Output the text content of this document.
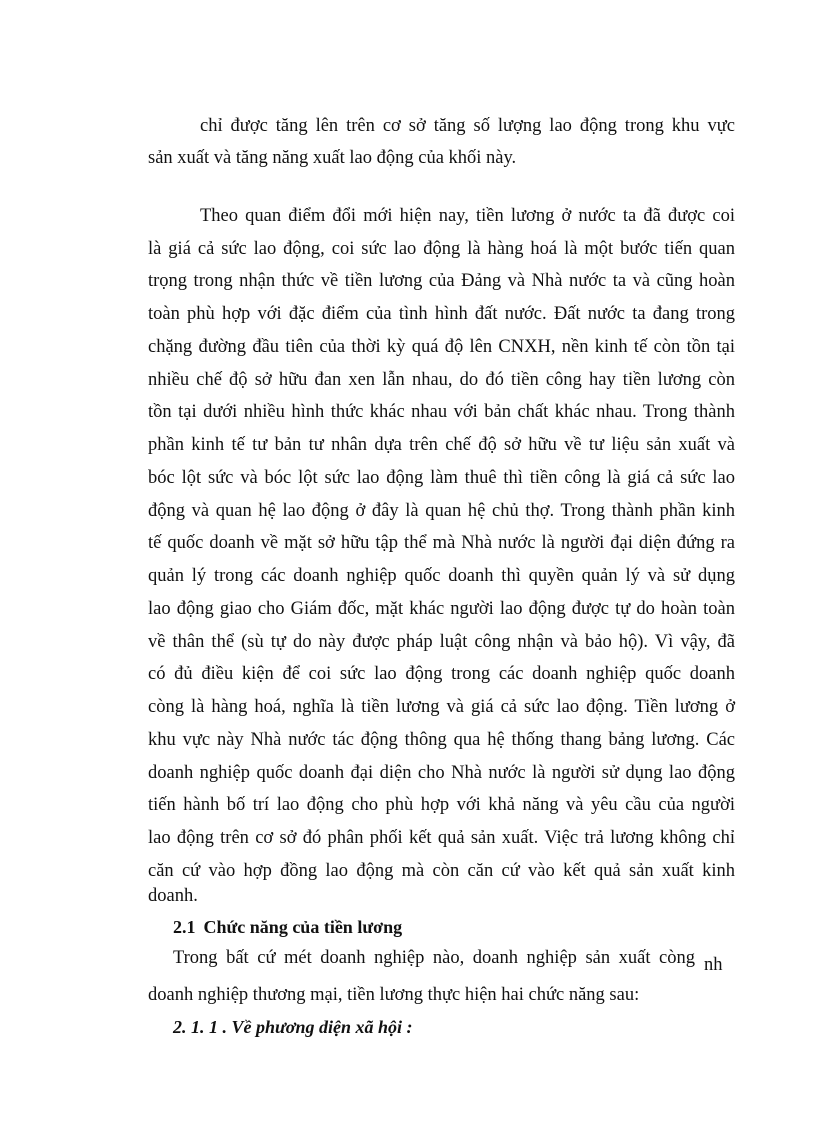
chỉ được tăng lên trên cơ sở tăng số lượng lao động trong khu vực
sản xuất và tăng năng xuất lao động của khối này.
Theo quan điểm đổi mới hiện nay, tiền lương ở nước ta đã được coi
là giá cả sức lao động, coi sức lao động là hàng hoá là một bước tiến quan
trọng trong nhận thức về tiền lương của Đảng và Nhà nước ta và cũng hoàn
toàn phù hợp với đặc điểm của tình hình đất nước. Đất nước ta đang trong
chặng đường đầu tiên của thời kỳ quá độ lên CNXH, nền kinh tế còn tồn tại
nhiều chế độ sở hữu đan xen lẫn nhau, do đó tiền công hay tiền lương còn
tồn tại dưới nhiều hình thức khác nhau với bản chất khác nhau. Trong thành
phần kinh tế tư bản tư nhân dựa trên chế độ sở hữu về tư liệu sản xuất và
bóc lột sức và bóc lột sức lao động làm thuê thì tiền công là giá cả sức lao
động và quan hệ lao động ở đây là quan hệ chủ thợ. Trong thành phần kinh
tế quốc doanh về mặt sở hữu tập thể mà Nhà nước là người đại diện đứng ra
quản lý trong các doanh nghiệp quốc doanh thì quyền quản lý và sử dụng
lao động giao cho Giám đốc, mặt khác người lao động được tự do hoàn toàn
về thân thể (sù tự do này được pháp luật công nhận và bảo hộ). Vì vậy, đã
có đủ điều kiện để coi sức lao động trong các doanh nghiệp quốc doanh
còng là hàng hoá, nghĩa là tiền lương và giá cả sức lao động. Tiền lương ở
khu vực này Nhà nước tác động thông qua hệ thống thang bảng lương. Các
doanh nghiệp quốc doanh đại diện cho Nhà nước là người sử dụng lao động
tiến hành bố trí lao động cho phù hợp với khả năng và yêu cầu của người
lao động trên cơ sở đó phân phối kết quả sản xuất. Việc trả lương không chỉ
căn cứ vào hợp đồng lao động mà còn căn cứ vào kết quả sản xuất kinh
doanh.
2.1 Chức năng của tiền lương
Trong bất cứ mét doanh nghiệp nào, doanh nghiệp sản xuất còng nh
doanh nghiệp thương mại, tiền lương thực hiện hai chức năng sau:
2. 1. 1 . Về phương diện xã hội :
